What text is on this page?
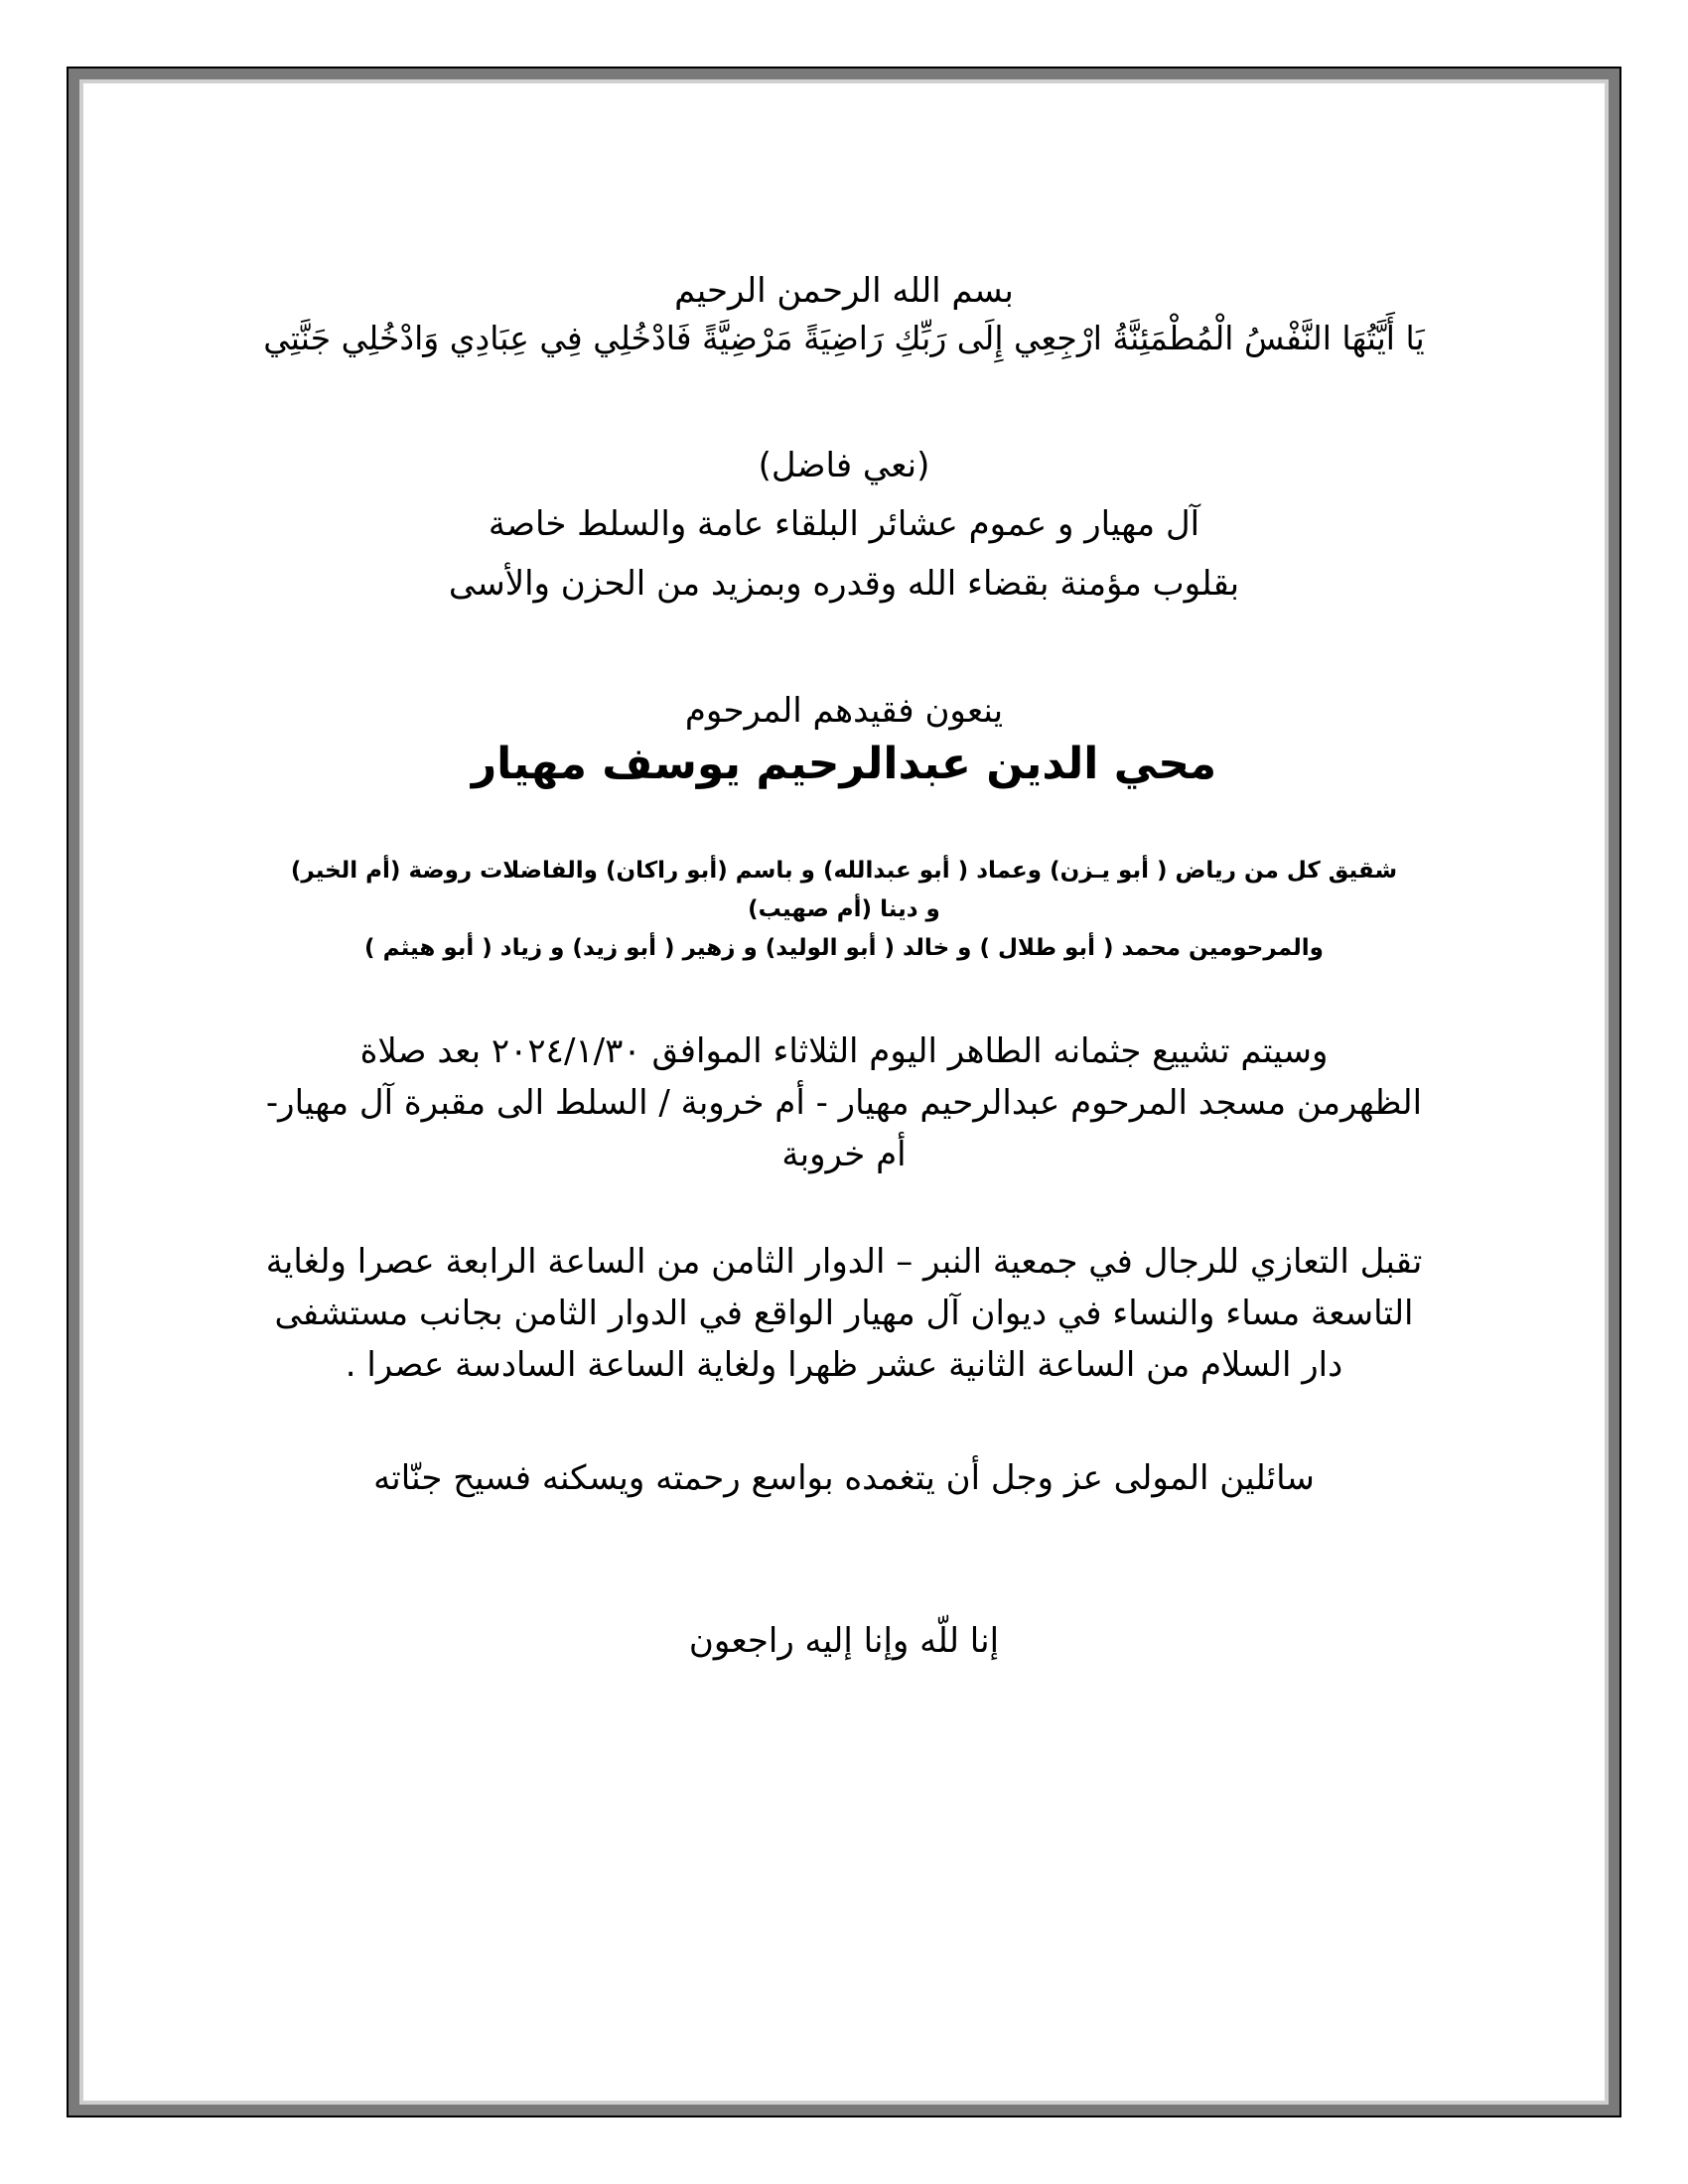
بسم الله الرحمن الرحيم
يَا أَيَّتُهَا النَّفْسُ الْمُطْمَئِنَّةُ ارْجِعِي إِلَى رَبِّكِ رَاضِيَةً مَرْضِيَّةً فَادْخُلِي فِي عِبَادِي وَادْخُلِي جَنَّتِي
(نعي فاضل)
آل مهيار و عموم عشائر البلقاء عامة والسلط خاصة
بقلوب مؤمنة بقضاء الله وقدره وبمزيد من الحزن والأسى
ينعون فقيدهم المرحوم
محي الدين عبدالرحيم يوسف مهيار
شقيق كل من رياض ( أبو يـزن) وعماد ( أبو عبدالله) و باسم (أبو راكان) والفاضلات روضة (أم الخير)
و دينا (أم صهيب)
والمرحومين محمد ( أبو طلال ) و خالد ( أبو الوليد) و زهير ( أبو زيد) و زياد ( أبو هيثم )
وسيتم تشييع جثمانه الطاهر اليوم الثلاثاء الموافق ٢٠٢٤/١/٣٠ بعد صلاة
الظهرمن مسجد المرحوم عبدالرحيم مهيار - أم خروبة / السلط الى مقبرة آل مهيار-
أم خروبة
تقبل التعازي للرجال في جمعية النبر – الدوار الثامن من الساعة الرابعة عصرا ولغاية
التاسعة مساء والنساء في ديوان آل مهيار الواقع في الدوار الثامن بجانب مستشفى
دار السلام من الساعة الثانية عشر ظهرا ولغاية الساعة السادسة عصرا .
سائلين المولى عز وجل أن يتغمده بواسع رحمته ويسكنه فسيح جنّاته
إنا للّه وإنا إليه راجعون
